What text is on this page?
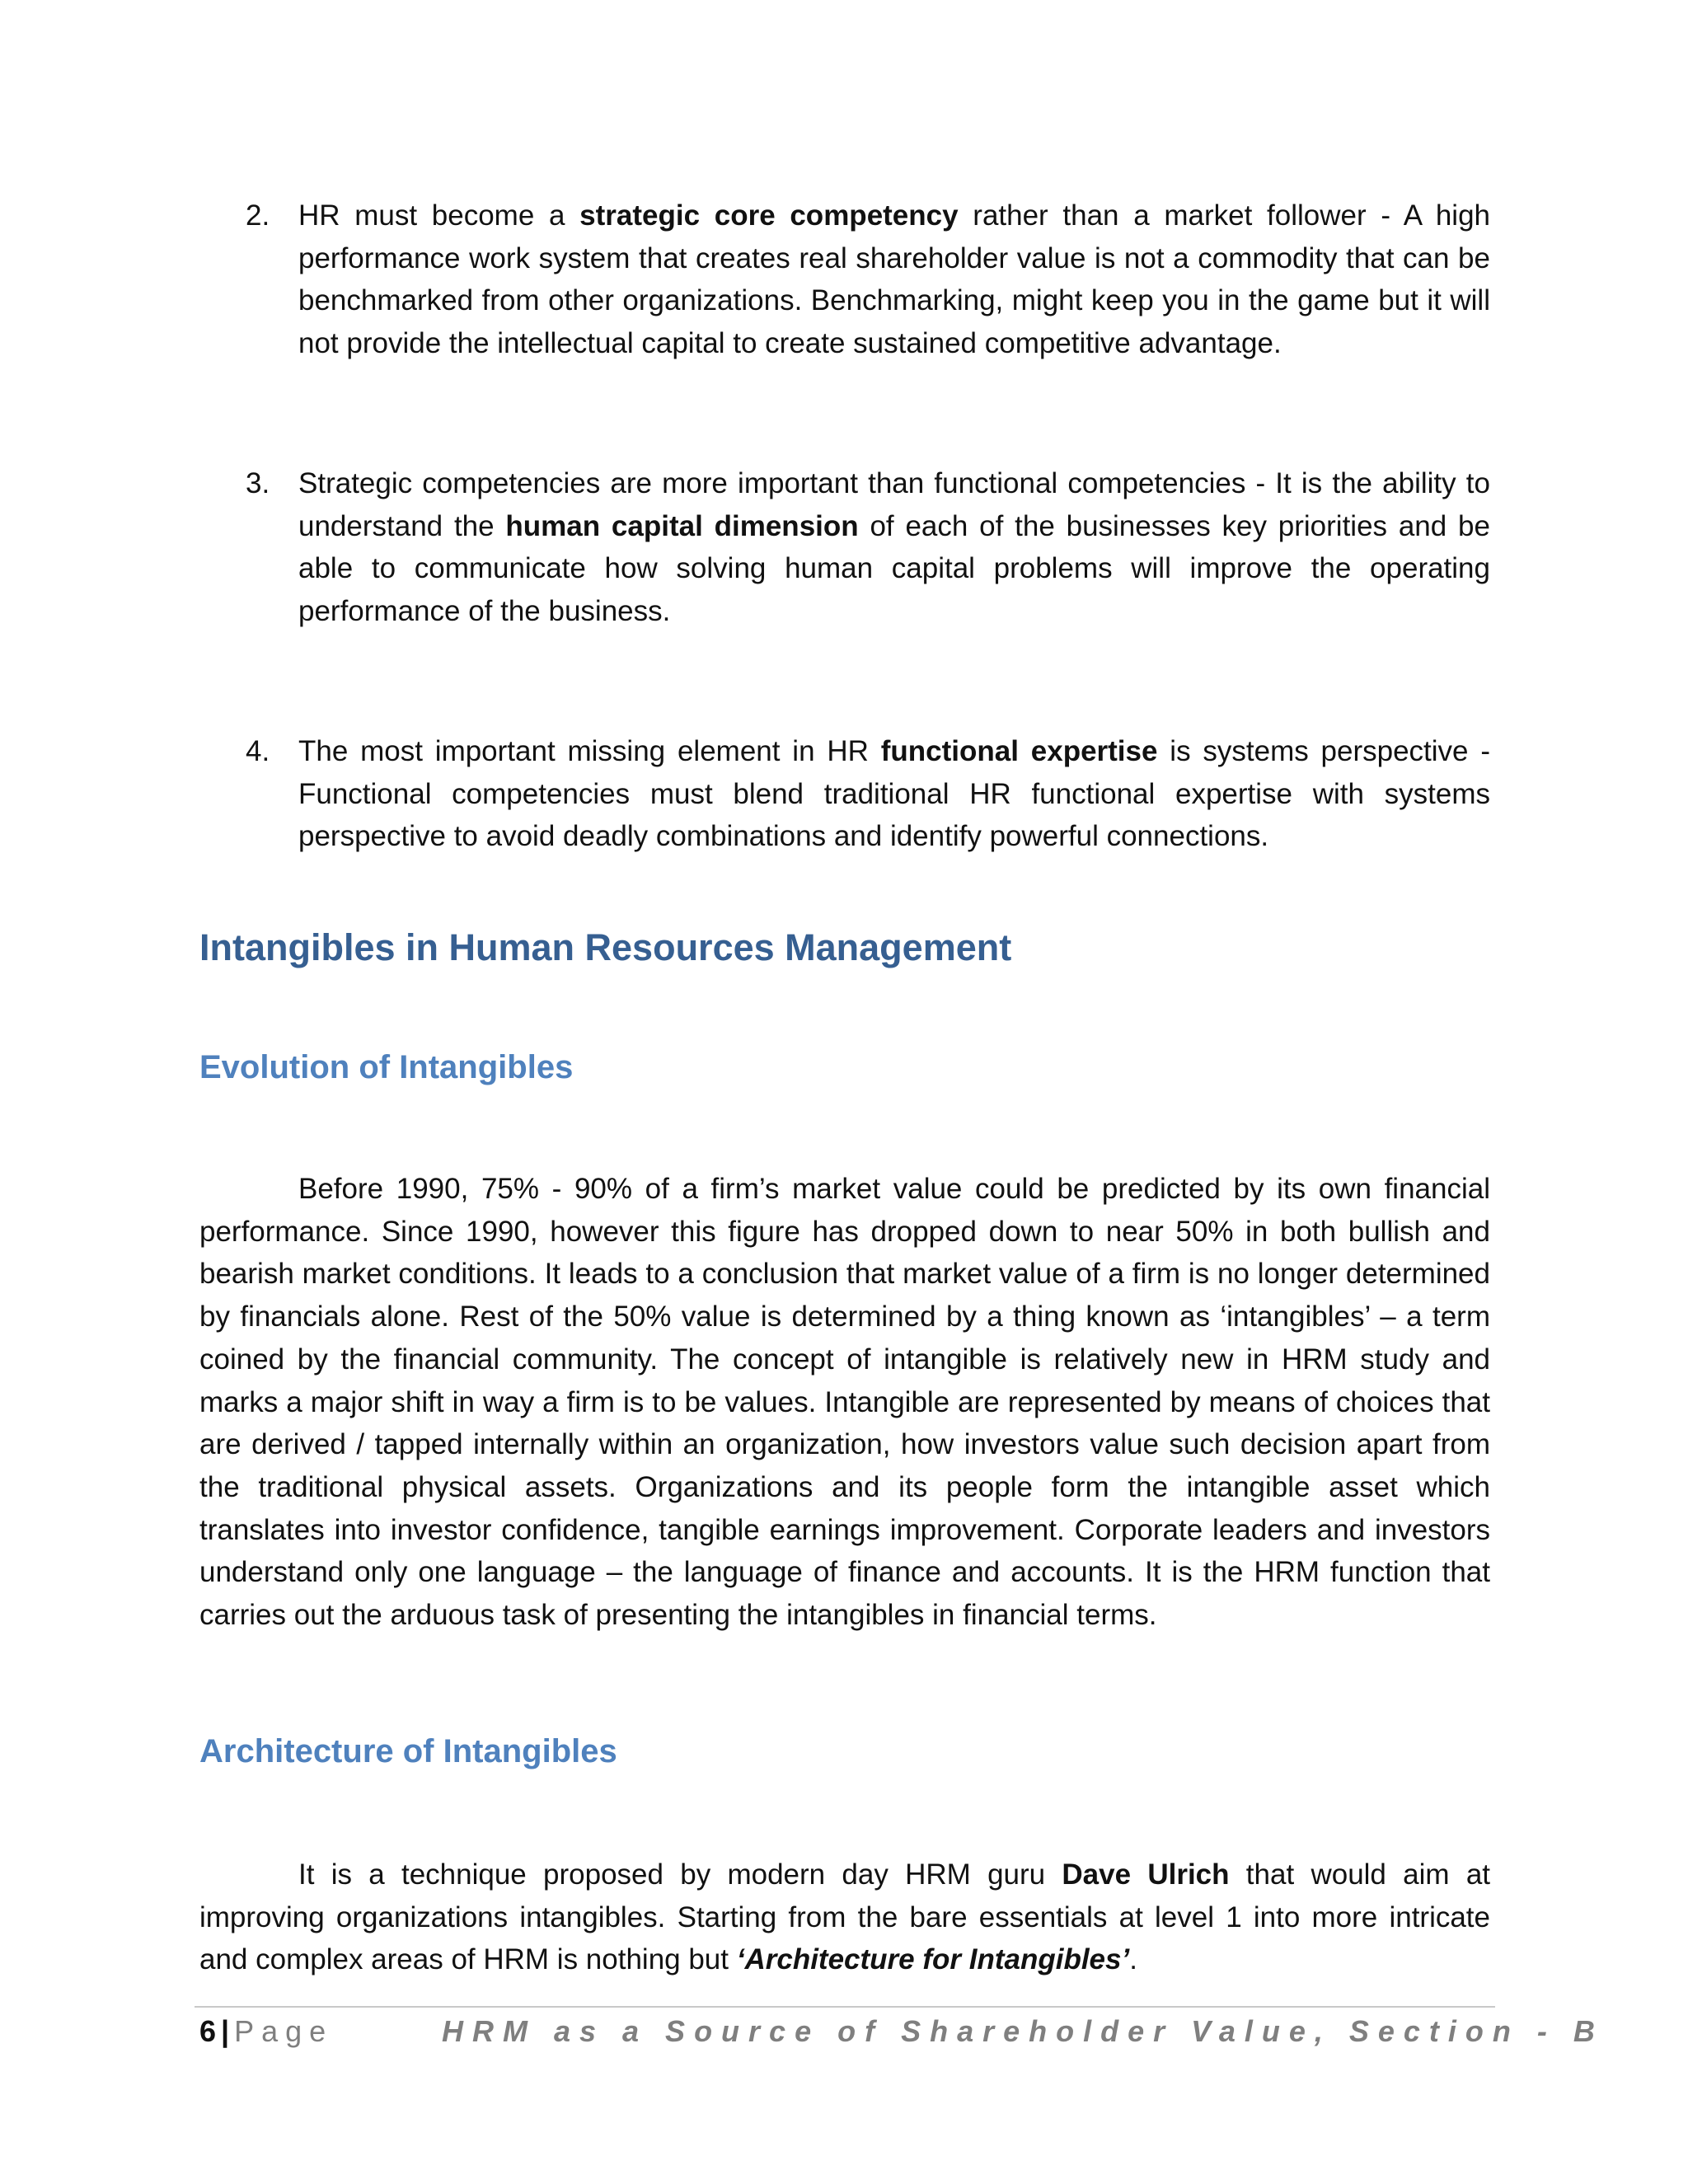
2. HR must become a strategic core competency rather than a market follower - A high performance work system that creates real shareholder value is not a commodity that can be benchmarked from other organizations. Benchmarking, might keep you in the game but it will not provide the intellectual capital to create sustained competitive advantage.
3. Strategic competencies are more important than functional competencies - It is the ability to understand the human capital dimension of each of the businesses key priorities and be able to communicate how solving human capital problems will improve the operating performance of the business.
4. The most important missing element in HR functional expertise is systems perspective - Functional competencies must blend traditional HR functional expertise with systems perspective to avoid deadly combinations and identify powerful connections.
Intangibles in Human Resources Management
Evolution of Intangibles

Before 1990, 75% - 90% of a firm’s market value could be predicted by its own financial performance. Since 1990, however this figure has dropped down to near 50% in both bullish and bearish market conditions. It leads to a conclusion that market value of a firm is no longer determined by financials alone. Rest of the 50% value is determined by a thing known as ‘intangibles’ – a term coined by the financial community. The concept of intangible is relatively new in HRM study and marks a major shift in way a firm is to be values. Intangible are represented by means of choices that are derived / tapped internally within an organization, how investors value such decision apart from the traditional physical assets. Organizations and its people form the intangible asset which translates into investor confidence, tangible earnings improvement. Corporate leaders and investors understand only one language – the language of finance and accounts. It is the HRM function that carries out the arduous task of presenting the intangibles in financial terms.

Architecture of Intangibles

It is a technique proposed by modern day HRM guru Dave Ulrich that would aim at improving organizations intangibles. Starting from the bare essentials at level 1 into more intricate and complex areas of HRM is nothing but ‘Architecture for Intangibles’.

6 | Page	HRM as a Source of Shareholder Value, Section - B
